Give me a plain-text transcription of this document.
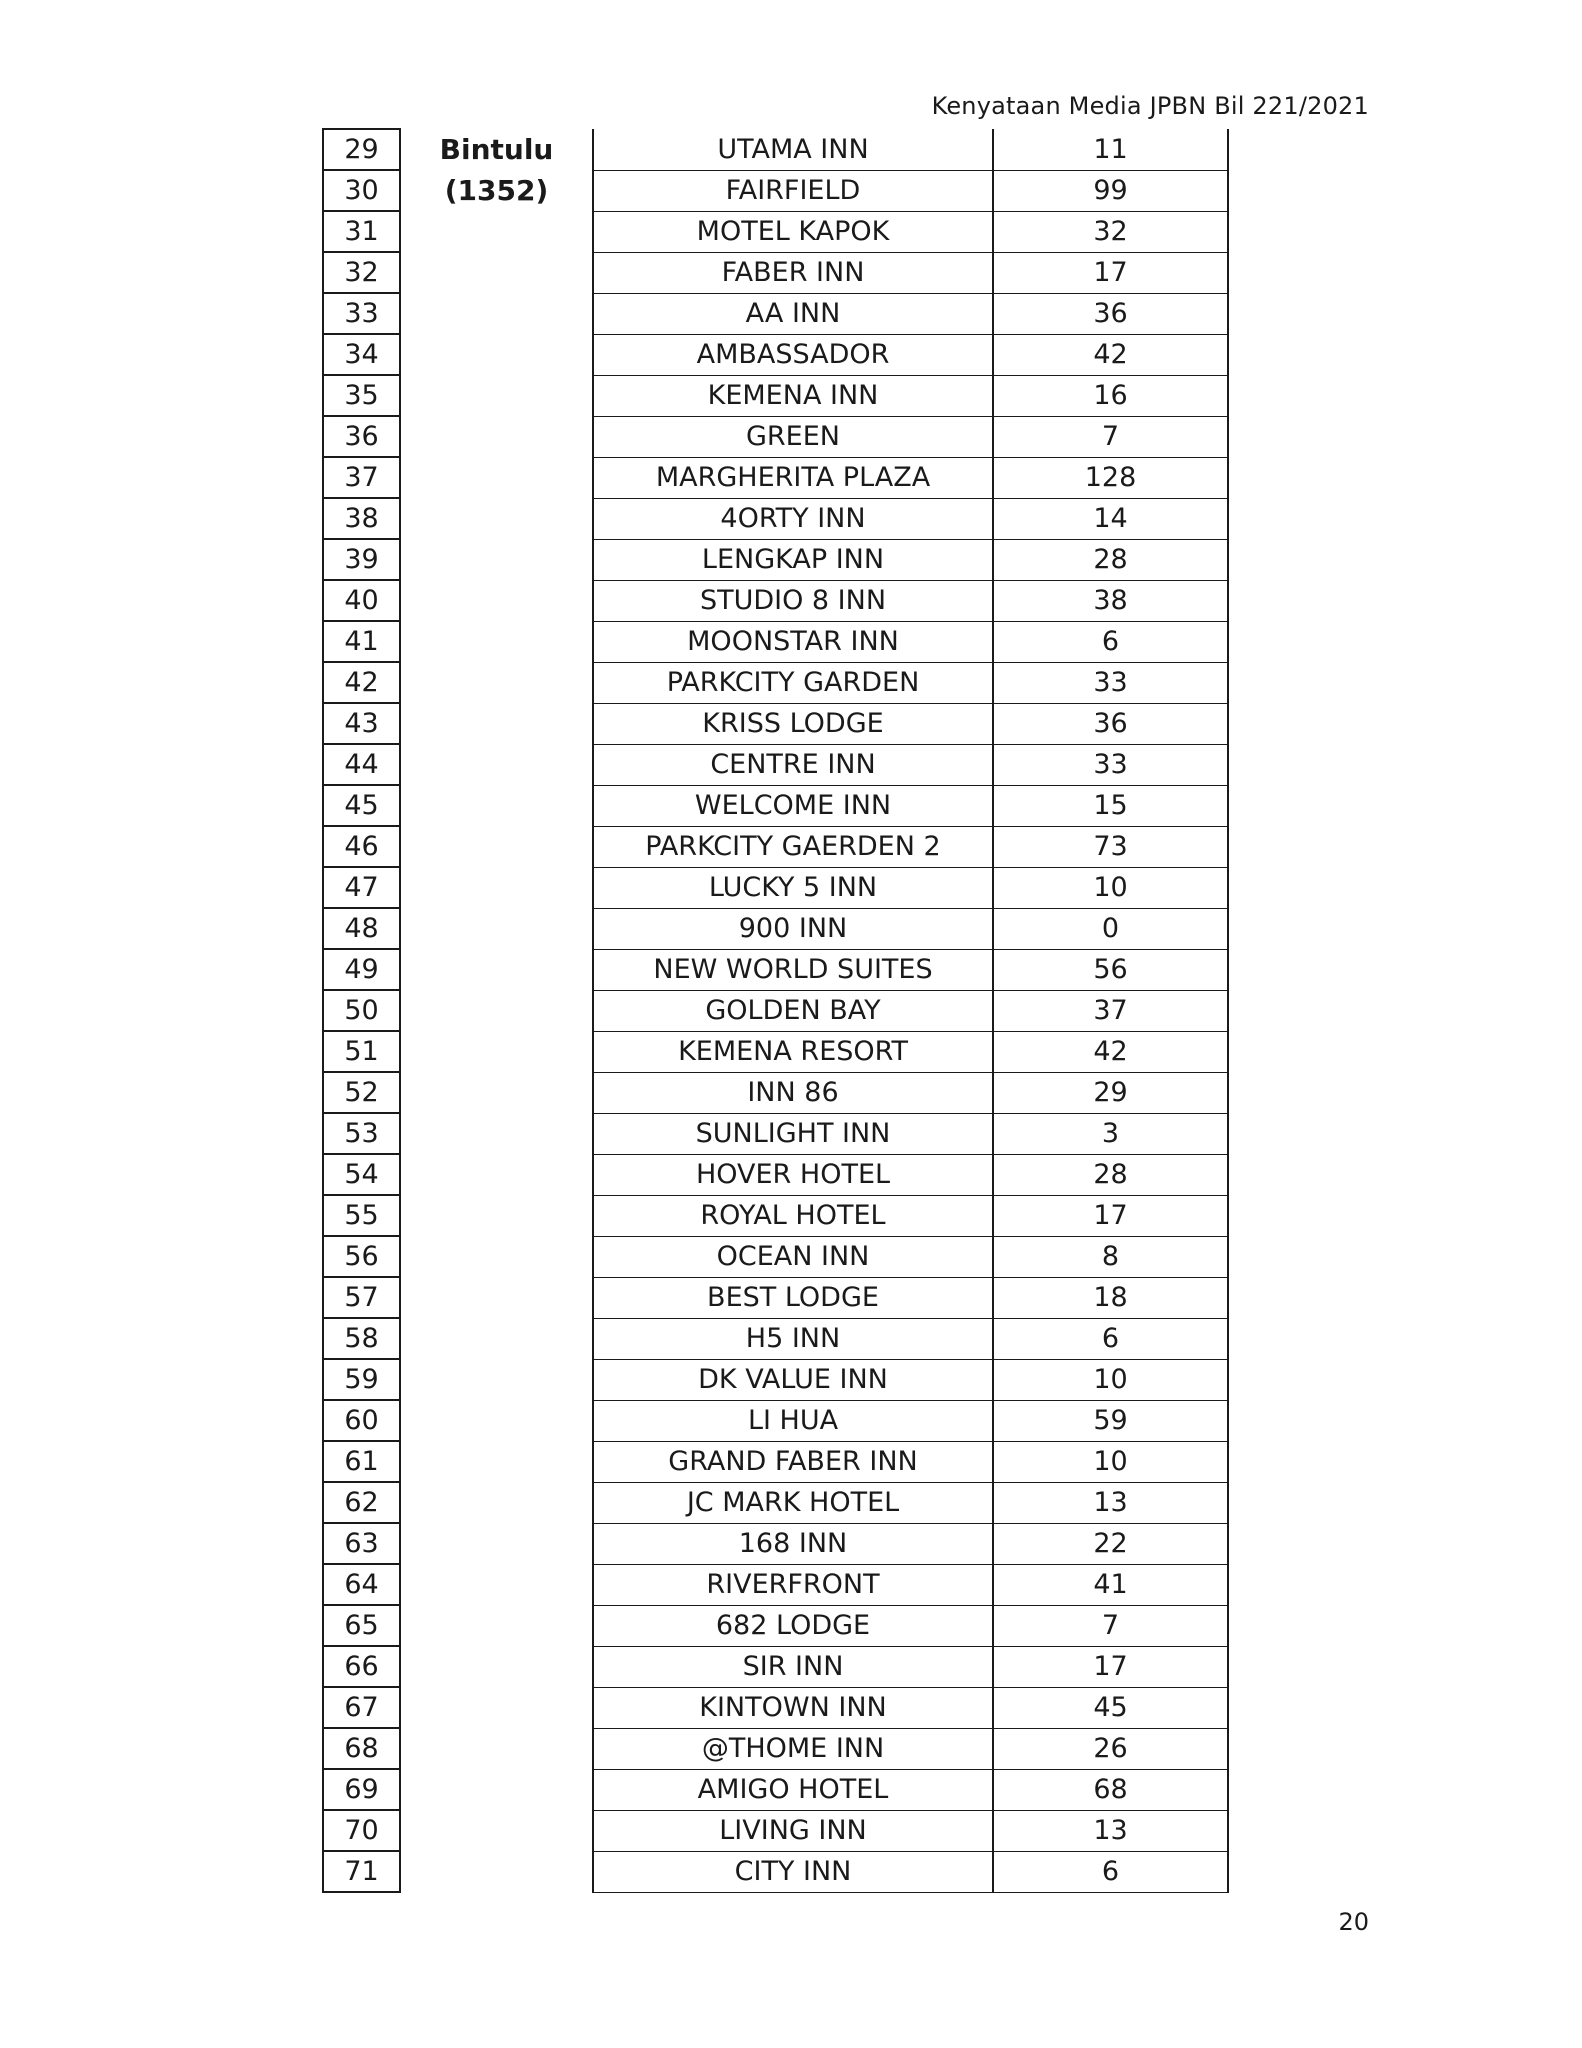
Kenyataan Media JPBN Bil 221/2021
29	Bintulu	UTAMA INN	11
30	(1352)	FAIRFIELD	99
31		MOTEL KAPOK	32
32		FABER INN	17
33		AA INN	36
34		AMBASSADOR	42
35		KEMENA INN	16
36		GREEN	7
37		MARGHERITA PLAZA	128
38		4ORTY INN	14
39		LENGKAP INN	28
40		STUDIO 8 INN	38
41		MOONSTAR INN	6
42		PARKCITY GARDEN	33
43		KRISS LODGE	36
44		CENTRE INN	33
45		WELCOME INN	15
46		PARKCITY GAERDEN 2	73
47		LUCKY 5 INN	10
48		900 INN	0
49		NEW WORLD SUITES	56
50		GOLDEN BAY	37
51		KEMENA RESORT	42
52		INN 86	29
53		SUNLIGHT INN	3
54		HOVER HOTEL	28
55		ROYAL HOTEL	17
56		OCEAN INN	8
57		BEST LODGE	18
58		H5 INN	6
59		DK VALUE INN	10
60		LI HUA	59
61		GRAND FABER INN	10
62		JC MARK HOTEL	13
63		168 INN	22
64		RIVERFRONT	41
65		682 LODGE	7
66		SIR INN	17
67		KINTOWN INN	45
68		@THOME INN	26
69		AMIGO HOTEL	68
70		LIVING INN	13
71		CITY INN	6
20
